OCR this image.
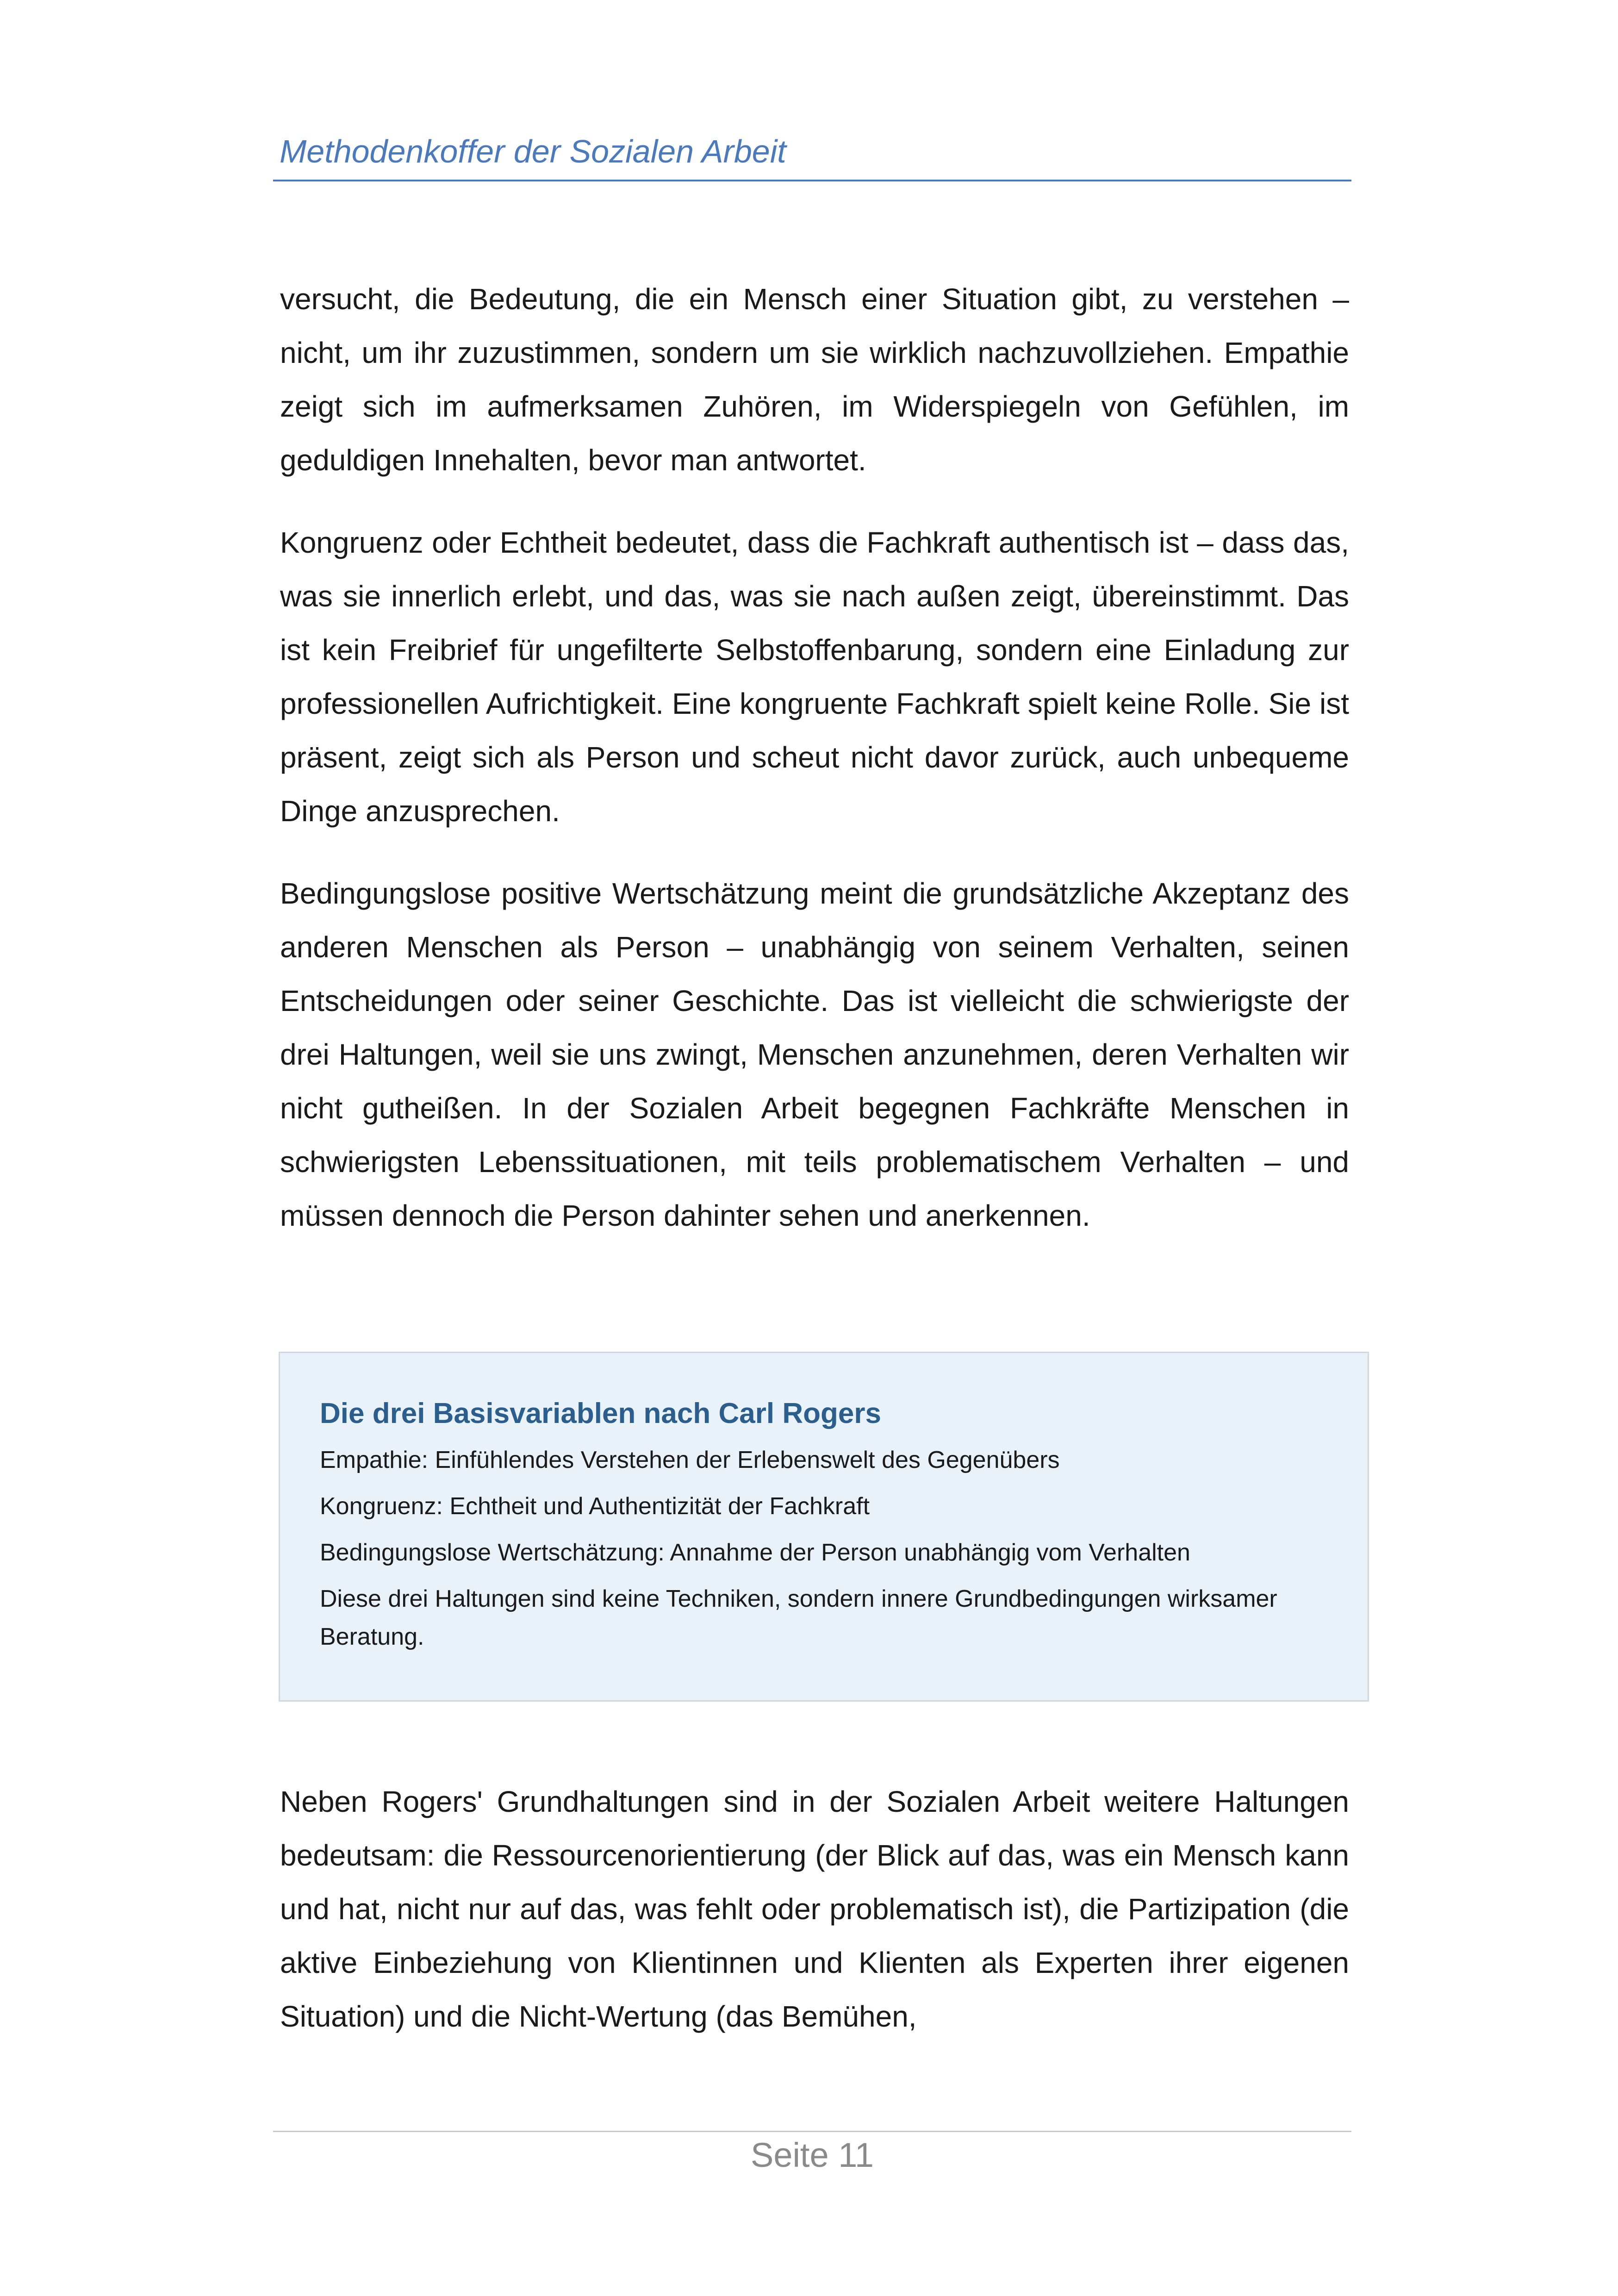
Methodenkoffer der Sozialen Arbeit

versucht, die Bedeutung, die ein Mensch einer Situation gibt, zu verstehen – nicht, um ihr zuzustimmen, sondern um sie wirklich nachzuvollziehen. Empathie zeigt sich im aufmerksamen Zuhören, im Widerspiegeln von Gefühlen, im geduldigen Innehalten, bevor man antwortet.

Kongruenz oder Echtheit bedeutet, dass die Fachkraft authentisch ist – dass das, was sie innerlich erlebt, und das, was sie nach außen zeigt, übereinstimmt. Das ist kein Freibrief für ungefilterte Selbstoffenbarung, sondern eine Einladung zur professionellen Aufrichtigkeit. Eine kongruente Fachkraft spielt keine Rolle. Sie ist präsent, zeigt sich als Person und scheut nicht davor zurück, auch unbequeme Dinge anzusprechen.

Bedingungslose positive Wertschätzung meint die grundsätzliche Akzeptanz des anderen Menschen als Person – unabhängig von seinem Verhalten, seinen Entscheidungen oder seiner Geschichte. Das ist vielleicht die schwierigste der drei Haltungen, weil sie uns zwingt, Menschen anzunehmen, deren Verhalten wir nicht gutheißen. In der Sozialen Arbeit begegnen Fachkräfte Menschen in schwierigsten Lebenssituationen, mit teils problematischem Verhalten – und müssen dennoch die Person dahinter sehen und anerkennen.

Die drei Basisvariablen nach Carl Rogers
Empathie: Einfühlendes Verstehen der Erlebenswelt des Gegenübers
Kongruenz: Echtheit und Authentizität der Fachkraft
Bedingungslose Wertschätzung: Annahme der Person unabhängig vom Verhalten
Diese drei Haltungen sind keine Techniken, sondern innere Grundbedingungen wirksamer Beratung.

Neben Rogers' Grundhaltungen sind in der Sozialen Arbeit weitere Haltungen bedeutsam: die Ressourcenorientierung (der Blick auf das, was ein Mensch kann und hat, nicht nur auf das, was fehlt oder problematisch ist), die Partizipation (die aktive Einbeziehung von Klientinnen und Klienten als Experten ihrer eigenen Situation) und die Nicht-Wertung (das Bemühen,

Seite 11
